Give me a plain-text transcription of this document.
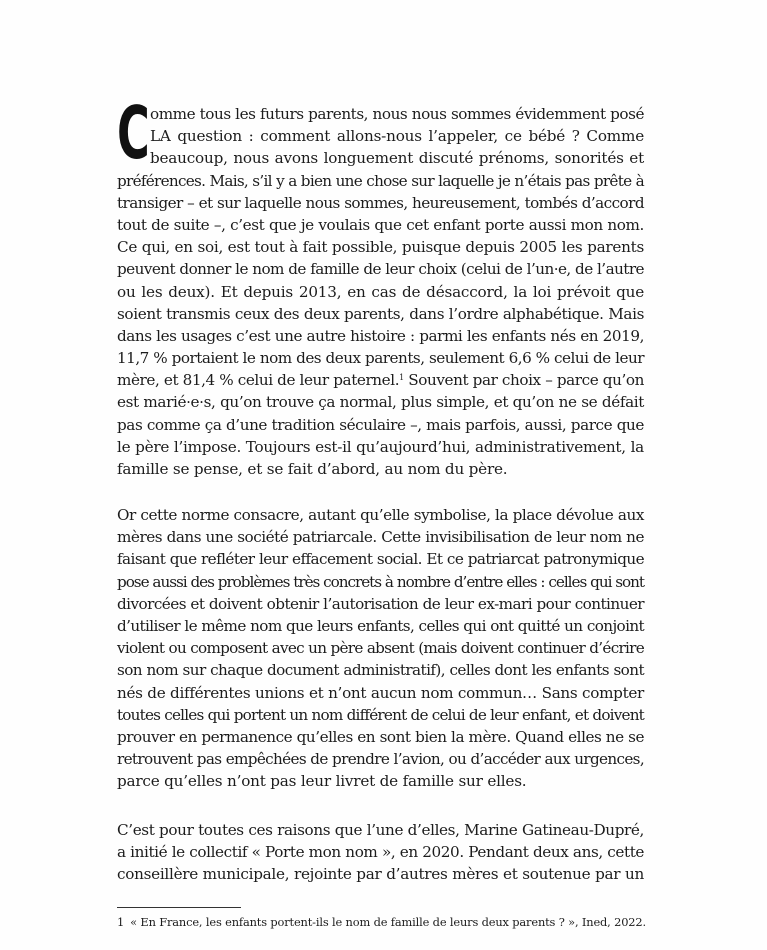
C omme tous les futurs parents, nous nous sommes évidemment posé
LA question : comment allons-nous l’appeler, ce bébé ? Comme
beaucoup, nous avons longuement discuté prénoms, sonorités et
préférences. Mais, s’il y a bien une chose sur laquelle je n’étais pas prête à
transiger – et sur laquelle nous sommes, heureusement, tombés d’accord
tout de suite –, c’est que je voulais que cet enfant porte aussi mon nom.
Ce qui, en soi, est tout à fait possible, puisque depuis 2005 les parents
peuvent donner le nom de famille de leur choix (celui de l’un·e, de l’autre
ou les deux). Et depuis 2013, en cas de désaccord, la loi prévoit que
soient transmis ceux des deux parents, dans l’ordre alphabétique. Mais
dans les usages c’est une autre histoire : parmi les enfants nés en 2019,
11,7 % portaient le nom des deux parents, seulement 6,6 % celui de leur
mère, et 81,4 % celui de leur paternel.$^1$ Souvent par choix – parce qu’on
est marié·e·s, qu’on trouve ça normal, plus simple, et qu’on ne se défait
pas comme ça d’une tradition séculaire –, mais parfois, aussi, parce que
le père l’impose. Toujours est-il qu’aujourd’hui, administrativement, la
famille se pense, et se fait d’abord, au nom du père.
Or cette norme consacre, autant qu’elle symbolise, la place dévolue aux
mères dans une société patriarcale. Cette invisibilisation de leur nom ne
faisant que refléter leur effacement social. Et ce patriarcat patronymique
pose aussi des problèmes très concrets à nombre d’entre elles : celles qui sont
divorcées et doivent obtenir l’autorisation de leur ex-mari pour continuer
d’utiliser le même nom que leurs enfants, celles qui ont quitté un conjoint
violent ou composent avec un père absent (mais doivent continuer d’écrire
son nom sur chaque document administratif), celles dont les enfants sont
nés de différentes unions et n’ont aucun nom commun… Sans compter
toutes celles qui portent un nom différent de celui de leur enfant, et doivent
prouver en permanence qu’elles en sont bien la mère. Quand elles ne se
retrouvent pas empêchées de prendre l’avion, ou d’accéder aux urgences,
parce qu’elles n’ont pas leur livret de famille sur elles.
C’est pour toutes ces raisons que l’une d’elles, Marine Gatineau-Dupré,
a initié le collectif « Porte mon nom », en 2020. Pendant deux ans, cette
conseillère municipale, rejointe par d’autres mères et soutenue par un
1 « En France, les enfants portent-ils le nom de famille de leurs deux parents ? », Ined, 2022.
